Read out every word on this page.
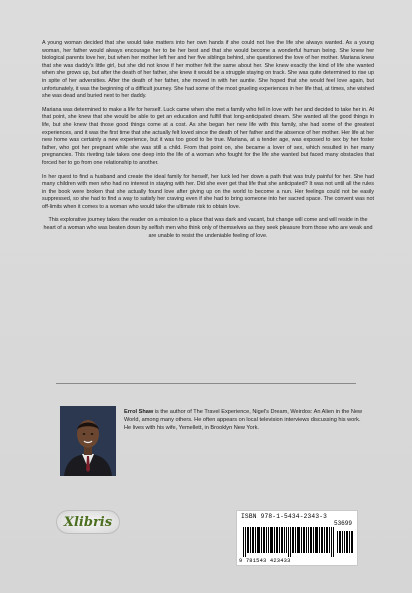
A young woman decided that she would take matters into her own hands if she could not live the life she always wanted. As a young woman, her father would always encourage her to be her best and that she would become a wonderful human being. She knew her biological parents love her, but when her mother left her and her five siblings behind, she questioned the love of her mother. Mariana knew that she was daddy's little girl, but she did not know if her mother felt the same about her. She knew exactly the kind of life she wanted when she grows up, but after the death of her father, she knew it would be a struggle staying on track. She was quite determined to rise up in spite of her adversities. After the death of her father, she moved in with her auntie. She hoped that she would feel love again, but unfortunately, it was the beginning of a difficult journey. She had some of the most grueling experiences in her life that, at times, she wished she was dead and buried next to her daddy.

Mariana was determined to make a life for herself. Luck came when she met a family who fell in love with her and decided to take her in. At that point, she knew that she would be able to get an education and fulfill that long-anticipated dream. She wanted all the good things in life, but she knew that those good things come at a cost. As she began her new life with this family, she had some of the greatest experiences, and it was the first time that she actually felt loved since the death of her father and the absence of her mother. Her life at her new home was certainly a new experience, but it was too good to be true. Mariana, at a tender age, was exposed to sex by her foster father, who got her pregnant while she was still a child. From that point on, she became a lover of sex, which resulted in her many pregnancies. This riveting tale takes one deep into the life of a woman who fought for the life she wanted but faced many obstacles that forced her to go from one relationship to another.

In her quest to find a husband and create the ideal family for herself, her luck led her down a path that was truly painful for her. She had many children with men who had no interest in staying with her. Did she ever get that life that she anticipated? It was not until all the rules in the book were broken that she actually found love after giving up on the world to become a nun. Her feelings could not be easily suppressed, so she had to find a way to satisfy her craving even if she had to bring someone into her sacred space. The convent was not off-limits when it comes to a woman who would take the ultimate risk to obtain love.

This explorative journey takes the reader on a mission to a place that was dark and vacant, but change will come and will reside in the heart of a woman who was beaten down by selfish men who think only of themselves as they seek pleasure from those who are weak and are unable to resist the undeniable feeling of love.

Errol Shaw is the author of The Travel Experience, Nigel's Dream, Weirdos: An Alien in the New World, among many others. He often appears on local television interviews discussing his work. He lives with his wife, Yemellett, in Brooklyn New York.
Xlibris	ISBN 978-1-5434-2343-3
53699
9 781543 423433
